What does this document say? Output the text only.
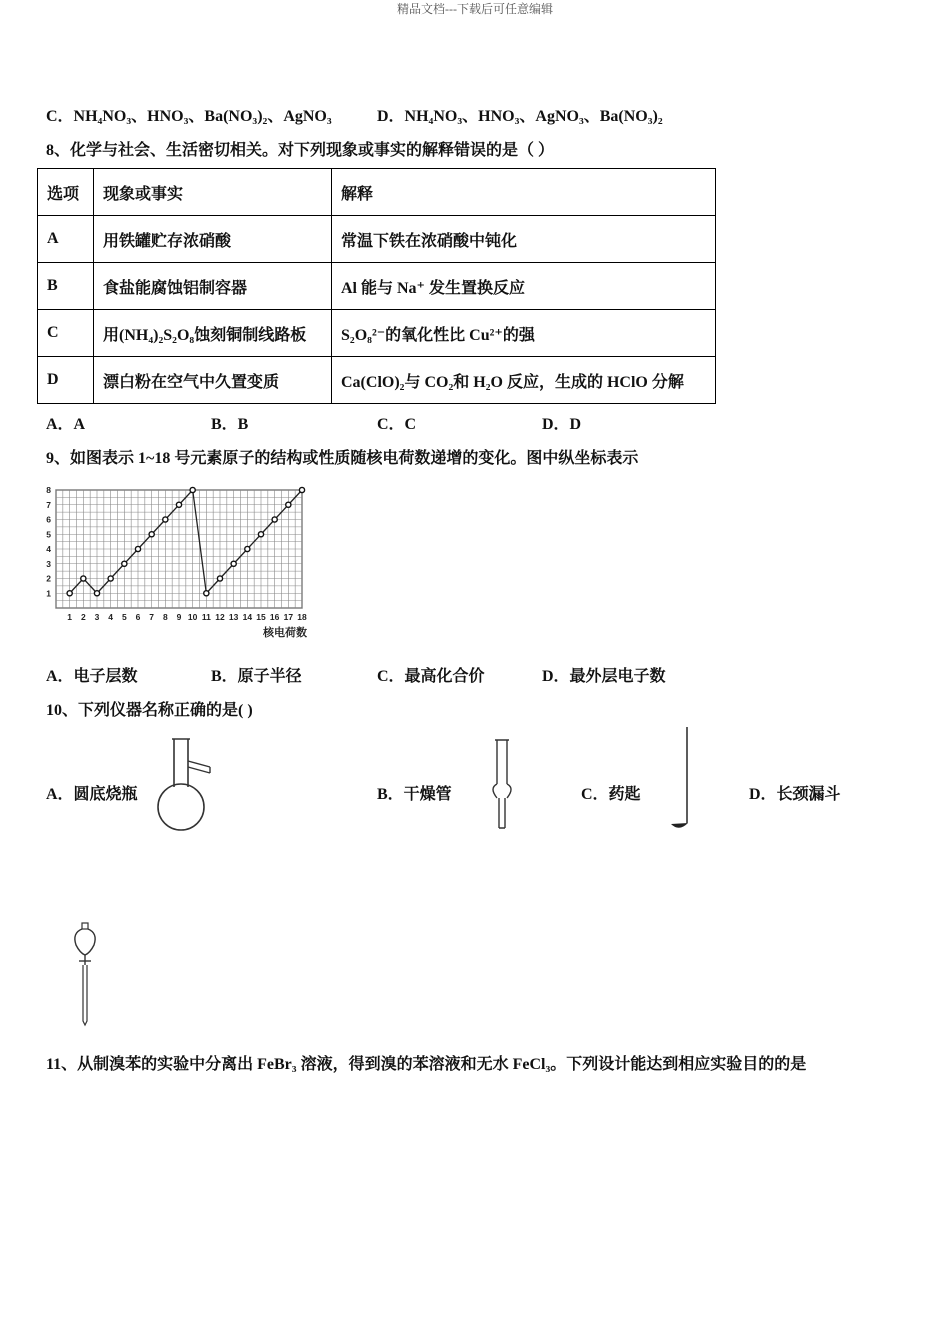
精品文档---下载后可任意编辑
C．NH₄NO₃、HNO₃、Ba(NO₃)₂、AgNO₃	D．NH₄NO₃、HNO₃、AgNO₃、Ba(NO₃)₂
8、化学与社会、生活密切相关。对下列现象或事实的解释错误的是（ ）
选项	现象或事实	解释
A	用铁罐贮存浓硝酸	常温下铁在浓硝酸中钝化
B	食盐能腐蚀铝制容器	Al 能与 Na⁺ 发生置换反应
C	用(NH₄)₂S₂O₈蚀刻铜制线路板	S₂O₈²⁻的氧化性比 Cu²⁺的强
D	漂白粉在空气中久置变质	Ca(ClO)₂与 CO₂和 H₂O 反应，生成的 HClO 分解
A．A	B．B	C．C	D．D
9、如图表示 1~18 号元素原子的结构或性质随核电荷数递增的变化。图中纵坐标表示
1 2 3 4 5 6 7 8 9 10 11 12 13 14 15 16 17 18
1
2
3
4
5
6
7
8
核电荷数
A．电子层数	B．原子半径	C．最高化合价	D．最外层电子数
10、下列仪器名称正确的是( )
A．圆底烧瓶	B．干燥管	C．药匙	D．长颈漏斗
11、从制溴苯的实验中分离出 FeBr₃ 溶液，得到溴的苯溶液和无水 FeCl₃。下列设计能达到相应实验目的的是
